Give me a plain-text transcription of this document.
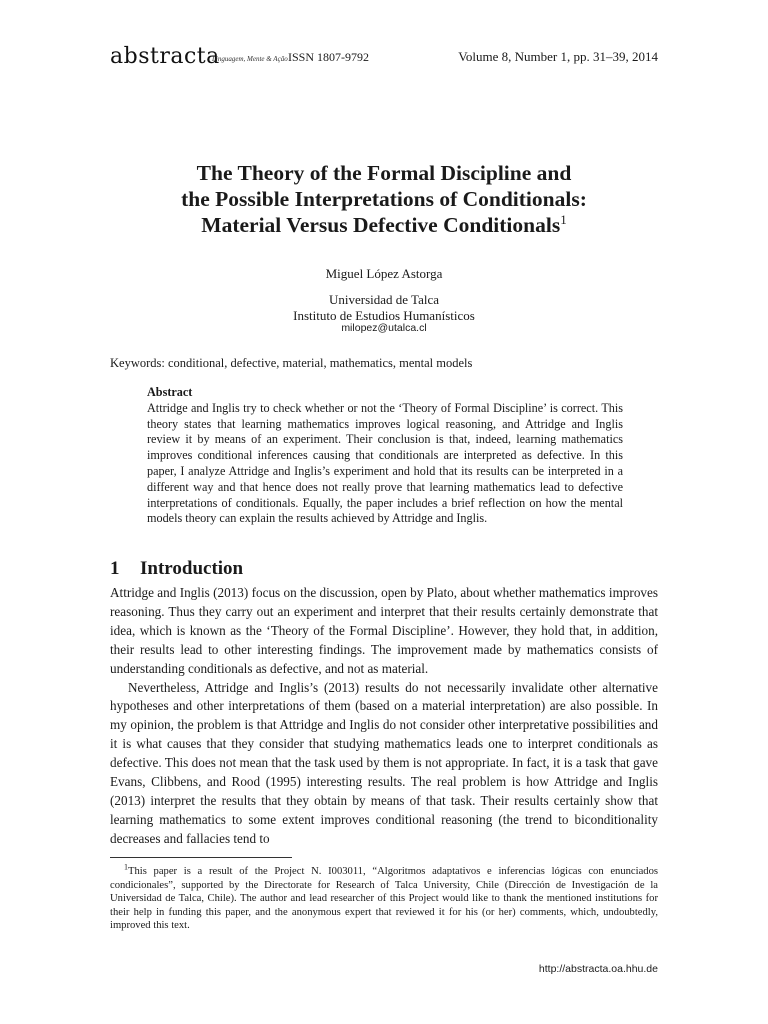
abstracta
Linguagem, Mente & Ação ISSN 1807-9792	Volume 8, Number 1, pp. 31–39, 2014
The Theory of the Formal Discipline and
the Possible Interpretations of Conditionals:
Material Versus Defective Conditionals$^1$
Miguel López Astorga
Universidad de Talca
Instituto de Estudios Humanísticos
milopez@utalca.cl
Keywords: conditional, defective, material, mathematics, mental models
Abstract
Attridge and Inglis try to check whether or not the ‘Theory of Formal Discipline’ is correct. This theory states that learning mathematics improves logical reasoning, and Attridge and Inglis review it by means of an experiment. Their conclusion is that, indeed, learning mathematics improves conditional inferences causing that conditionals are interpreted as defective. In this paper, I analyze Attridge and Inglis’s experiment and hold that its results can be interpreted in a different way and that hence does not really prove that learning mathematics lead to defective interpretations of conditionals. Equally, the paper includes a brief reflection on how the mental models theory can explain the results achieved by Attridge and Inglis.
1 Introduction

Attridge and Inglis (2013) focus on the discussion, open by Plato, about whether mathematics improves reasoning. Thus they carry out an experiment and interpret that their results certainly demonstrate that idea, which is known as the ‘Theory of the Formal Discipline’. However, they hold that, in addition, their results lead to other interesting findings. The improvement made by mathematics consists of understanding conditionals as defective, and not as material.

Nevertheless, Attridge and Inglis’s (2013) results do not necessarily invalidate other alternative hypotheses and other interpretations of them (based on a material interpretation) are also possible. In my opinion, the problem is that Attridge and Inglis do not consider other interpretative possibilities and it is what causes that they consider that studying mathematics leads one to interpret conditionals as defective. This does not mean that the task used by them is not appropriate. In fact, it is a task that gave Evans, Clibbens, and Rood (1995) interesting results. The real problem is how Attridge and Inglis (2013) interpret the results that they obtain by means of that task. Their results certainly show that learning mathematics to some extent improves conditional reasoning (the trend to biconditionality decreases and fallacies tend to

$^1$This paper is a result of the Project N. I003011, “Algoritmos adaptativos e inferencias lógicas con enunciados condicionales”, supported by the Directorate for Research of Talca University, Chile (Dirección de Investigación de la Universidad de Talca, Chile). The author and lead researcher of this Project would like to thank the mentioned institutions for their help in funding this paper, and the anonymous expert that reviewed it for his (or her) comments, which, undoubtedly, improved this text.
http://abstracta.oa.hhu.de
